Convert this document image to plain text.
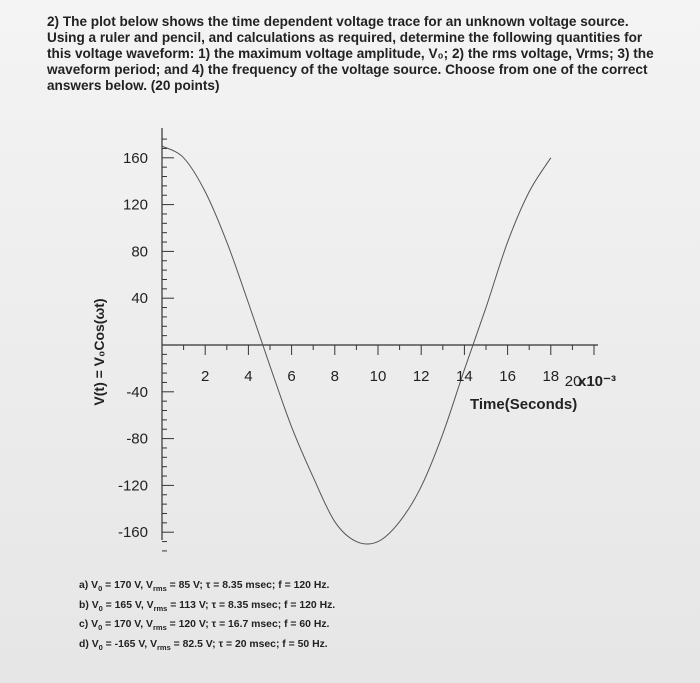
2) The plot below shows the time dependent voltage trace for an unknown voltage source.
Using a ruler and pencil, and calculations as required, determine the following quantities for
this voltage waveform: 1) the maximum voltage amplitude, V₀; 2) the rms voltage, Vrms; 3) the
waveform period; and 4) the frequency of the voltage source. Choose from one of the correct
answers below. (20 points)
160
120
80
40
-40
-80
-120
-160
2 4 6 8 10 12 14 16 18 20
V(t) = V₀Cos(ωt)	Time(Seconds)
x10⁻³
a) $V_0 = 170$ V, $V_{rms} = 85$ V; τ = 8.35 msec; f = 120 Hz.
b) $V_0 = 165$ V, $V_{rms} = 113$ V; τ = 8.35 msec; f = 120 Hz.
c) $V_0 = 170$ V, $V_{rms} = 120$ V; τ = 16.7 msec; f = 60 Hz.
d) $V_0 = -165$ V, $V_{rms} = 82.5$ V; τ = 20 msec; f = 50 Hz.
